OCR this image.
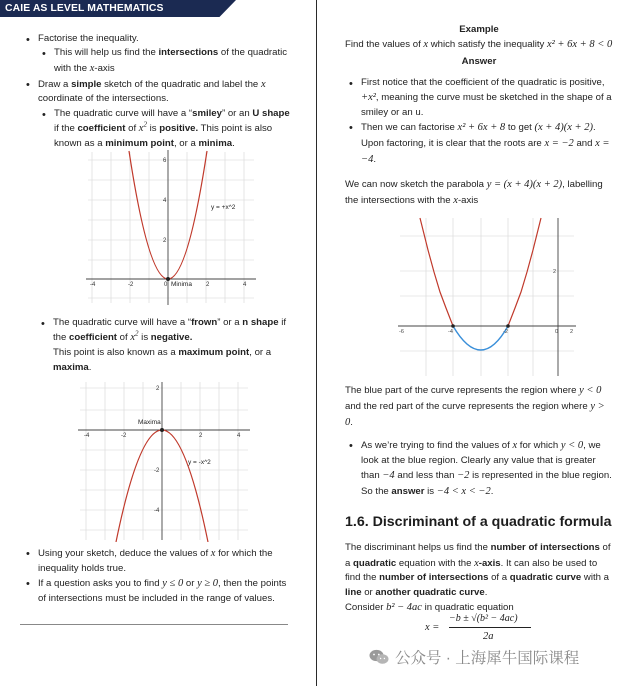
CAIE AS LEVEL MATHEMATICS
• Factorise the inequality.
• This will help us find the intersections of the quadratic with the x-axis
• Draw a simple sketch of the quadratic and label the x coordinate of the intersections.
• The quadratic curve will have a “smiley” or an U shape if the coefficient of $x^2$ is positive. This point is also known as a minimum point, or a minima.
y = +x^2
Minima
-4	-2	0	2	4
2
4
6
• The quadratic curve will have a “frown” or a n shape if the coefficient of $x^2$ is negative.
This point is also known as a maximum point, or a maxima.
Maxima
y = -x^2
-4	-2	2	4
2
-2
-4
• Using your sketch, deduce the values of x for which the inequality holds true.
• If a question asks you to find y ≤ 0 or y ≥ 0, then the points of intersections must be included in the range of values.
Example
Find the values of x which satisfy the inequality x² + 6x + 8 < 0
Answer
• First notice that the coefficient of the quadratic is positive, +x², meaning the curve must be sketched in the shape of a smiley or an u.
• Then we can factorise x² + 6x + 8 to get (x + 4)(x + 2). Upon factoring, it is clear that the roots are x = −2 and x = −4.
We can now sketch the parabola y = (x + 4)(x + 2), labelling the intersections with the x-axis
-6	-4	-2	0 2
2
The blue part of the curve represents the region where y < 0 and the red part of the curve represents the region where y > 0.
• As we’re trying to find the values of x for which y < 0, we look at the blue region. Clearly any value that is greater than −4 and less than −2 is represented in the blue region. So the answer is −4 < x < −2.
1.6. Discriminant of a quadratic formula
The discriminant helps us find the number of intersections of a quadratic equation with the x-axis. It can also be used to find the number of intersections of a quadratic curve with a line or another quadratic curve.
Consider b² − 4ac in quadratic equation
x =
−b ± √(b² − 4ac)
2a
公众号 · 上海犀牛国际课程
